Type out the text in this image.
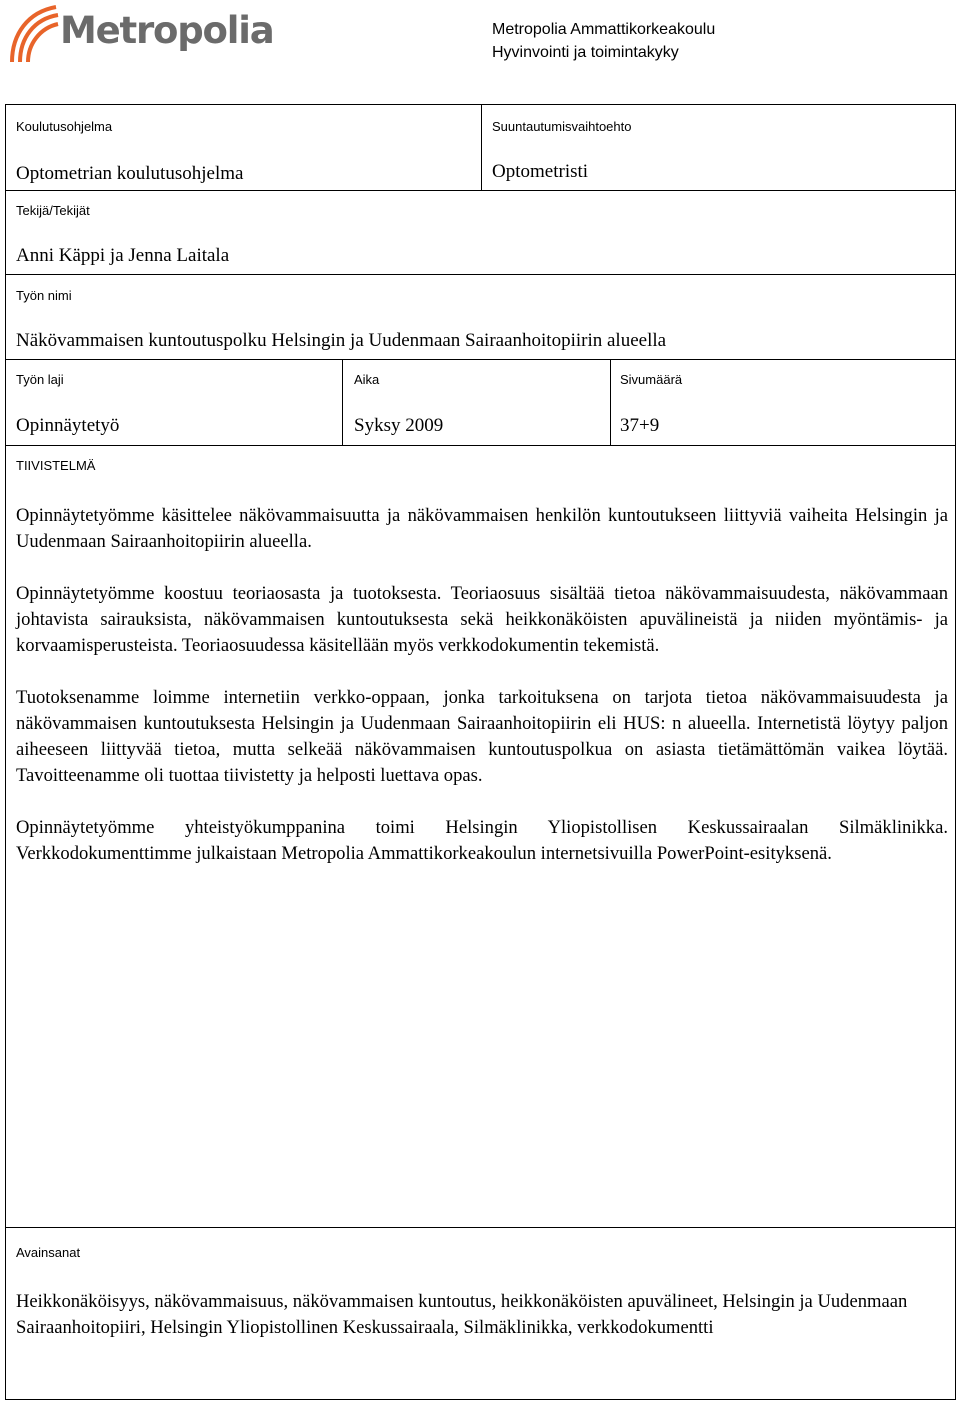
Metropolia	Metropolia Ammattikorkeakoulu
Hyvinvointi ja toimintakyky
Koulutusohjelma
Optometrian koulutusohjelma
Suuntautumisvaihtoehto
Optometristi
Tekijä/Tekijät
Anni Käppi ja Jenna Laitala
Työn nimi
Näkövammaisen kuntoutuspolku Helsingin ja Uudenmaan Sairaanhoitopiirin alueella
Työn laji
Opinnäytetyö
Aika
Syksy 2009
Sivumäärä
37+9
TIIVISTELMÄ

Opinnäytetyömme käsittelee näkövammaisuutta ja näkövammaisen henkilön kuntoutukseen liittyviä vaiheita Helsingin ja Uudenmaan Sairaanhoitopiirin alueella.

Opinnäytetyömme koostuu teoriaosasta ja tuotoksesta. Teoriaosuus sisältää tietoa näkövammaisuudesta, näkövammaan johtavista sairauksista, näkövammaisen kuntoutuksesta sekä heikkonäköisten apuvälineistä ja niiden myöntämis- ja korvaamisperusteista. Teoriaosuudessa käsitellään myös verkkodokumentin tekemistä.

Tuotoksenamme loimme internetiin verkko-oppaan, jonka tarkoituksena on tarjota tietoa näkövammaisuudesta ja näkövammaisen kuntoutuksesta Helsingin ja Uudenmaan Sairaanhoitopiirin eli HUS: n alueella. Internetistä löytyy paljon aiheeseen liittyvää tietoa, mutta selkeää näkövammaisen kuntoutuspolkua on asiasta tietämättömän vaikea löytää. Tavoitteenamme oli tuottaa tiivistetty ja helposti luettava opas.

Opinnäytetyömme yhteistyökumppanina toimi Helsingin Yliopistollisen Keskussairaalan Silmäklinikka. Verkkodokumenttimme julkaistaan Metropolia Ammattikorkeakoulun internetsivuilla PowerPoint-esityksenä.

Avainsanat
Heikkonäköisyys, näkövammaisuus, näkövammaisen kuntoutus, heikkonäköisten apuvälineet, Helsingin ja Uudenmaan Sairaanhoitopiiri, Helsingin Yliopistollinen Keskussairaala, Silmäklinikka, verkkodokumentti
